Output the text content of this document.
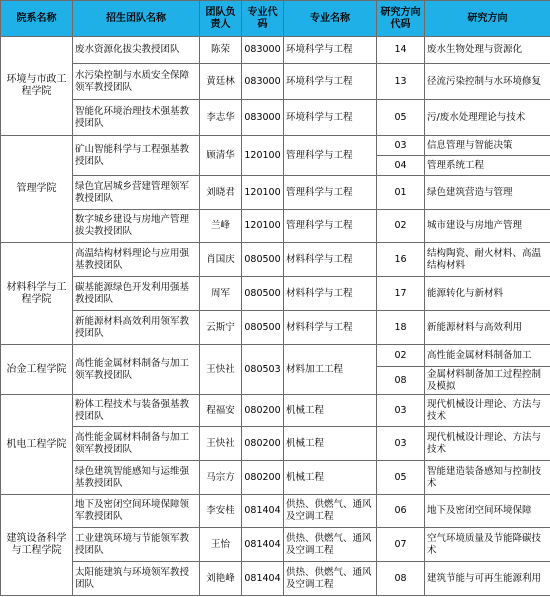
院系名称	招生团队名称	团队负责人	专业代码	专业名称	研究方向代码	研究方向
环境与市政工程学院	废水资源化拔尖教授团队	陈荣	083000	环境科学与工程	14	废水生物处理与资源化
	水污染控制与水质安全保障领军教授团队	黄廷林	083000	环境科学与工程	13	径流污染控制与水环境修复
	智能化环境治理技术强基教授团队	李志华	083000	环境科学与工程	05	污/废水处理理论与技术
管理学院	矿山智能科学与工程强基教授团队	顾清华	120100	管理科学与工程	03	信息管理与智能决策
					04	管理系统工程
	绿色宜居城乡营建管理领军教授团队	刘晓君	120100	管理科学与工程	01	绿色建筑营造与管理
	数字城乡建设与房地产管理拔尖教授团队	兰峰	120100	管理科学与工程	02	城市建设与房地产管理
材料科学与工程学院	高温结构材料理论与应用强基教授团队	肖国庆	080500	材料科学与工程	16	结构陶瓷、耐火材料、高温结构材料
	碳基能源绿色开发利用强基教授团队	周军	080500	材料科学与工程	17	能源转化与新材料
	新能源材料高效利用领军教授团队	云斯宁	080500	材料科学与工程	18	新能源材料与高效利用
冶金工程学院	高性能金属材料制备与加工领军教授团队	王快社	080503	材料加工工程	02	高性能金属材料制备加工
					08	金属材料制备加工过程控制及模拟
机电工程学院	粉体工程技术与装备强基教授团队	程福安	080200	机械工程	03	现代机械设计理论、方法与技术
	高性能金属材料制备与加工领军教授团队	王快社	080200	机械工程	03	现代机械设计理论、方法与技术
	绿色建筑智能感知与运维强基教授团队	马宗方	080200	机械工程	05	智能建造装备感知与控制技术
建筑设备科学与工程学院	地下及密闭空间环境保障领军教授团队	李安桂	081404	供热、供燃气、通风及空调工程	06	地下及密闭空间环境保障
	工业建筑环境与节能领军教授团队	王怡	081404	供热、供燃气、通风及空调工程	07	空气环境质量及节能降碳技术
	太阳能建筑与环境领军教授团队	刘艳峰	081404	供热、供燃气、通风及空调工程	08	建筑节能与可再生能源利用
